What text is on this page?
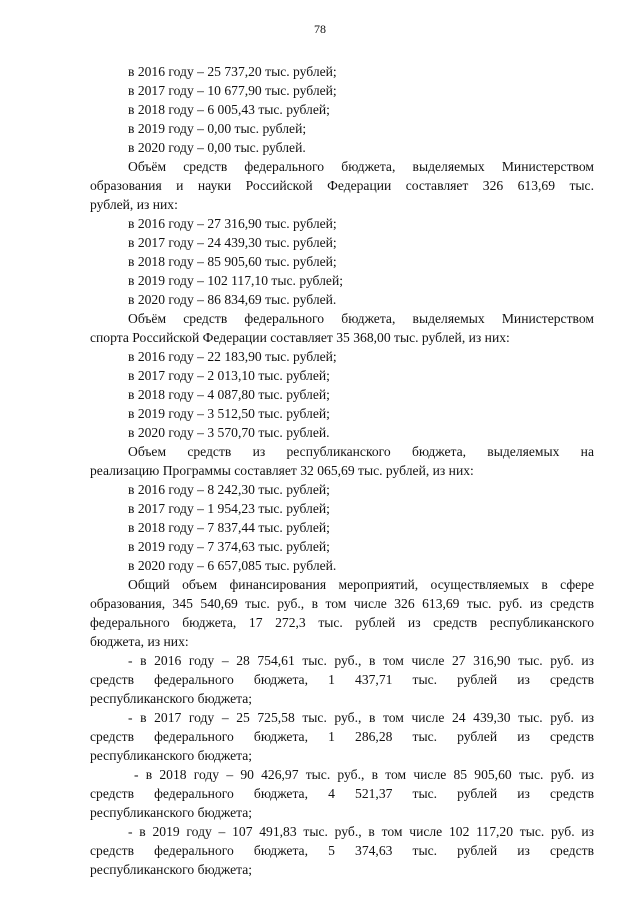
78

в 2016 году – 25 737,20 тыс. рублей;

в 2017 году – 10 677,90 тыс. рублей;

в 2018 году – 6 005,43 тыс. рублей;

в 2019 году – 0,00 тыс. рублей;

в 2020 году – 0,00 тыс. рублей.

Объём средств федерального бюджета, выделяемых Министерством
образования и науки Российской Федерации составляет 326 613,69 тыс.
рублей, из них:

в 2016 году – 27 316,90 тыс. рублей;

в 2017 году – 24 439,30 тыс. рублей;

в 2018 году – 85 905,60 тыс. рублей;

в 2019 году – 102 117,10 тыс. рублей;

в 2020 году – 86 834,69 тыс. рублей.

Объём средств федерального бюджета, выделяемых Министерством
спорта Российской Федерации составляет 35 368,00 тыс. рублей, из них:

в 2016 году – 22 183,90 тыс. рублей;

в 2017 году – 2 013,10 тыс. рублей;

в 2018 году – 4 087,80 тыс. рублей;

в 2019 году – 3 512,50 тыс. рублей;

в 2020 году – 3 570,70 тыс. рублей.

Объем средств из республиканского бюджета, выделяемых на
реализацию Программы составляет 32 065,69 тыс. рублей, из них:

в 2016 году – 8 242,30 тыс. рублей;

в 2017 году – 1 954,23 тыс. рублей;

в 2018 году – 7 837,44 тыс. рублей;

в 2019 году – 7 374,63 тыс. рублей;

в 2020 году – 6 657,085 тыс. рублей.

Общий объем финансирования мероприятий, осуществляемых в сфере
образования, 345 540,69 тыс. руб., в том числе 326 613,69 тыс. руб. из средств
федерального бюджета, 17 272,3 тыс. рублей из средств республиканского
бюджета, из них:

- в 2016 году – 28 754,61 тыс. руб., в том числе 27 316,90 тыс. руб. из
средств федерального бюджета, 1 437,71 тыс. рублей из средств
республиканского бюджета;

- в 2017 году – 25 725,58 тыс. руб., в том числе 24 439,30 тыс. руб. из
средств федерального бюджета, 1 286,28 тыс. рублей из средств
республиканского бюджета;

- в 2018 году – 90 426,97 тыс. руб., в том числе 85 905,60 тыс. руб. из
средств федерального бюджета, 4 521,37 тыс. рублей из средств
республиканского бюджета;

- в 2019 году – 107 491,83 тыс. руб., в том числе 102 117,20 тыс. руб. из
средств федерального бюджета, 5 374,63 тыс. рублей из средств
республиканского бюджета;
